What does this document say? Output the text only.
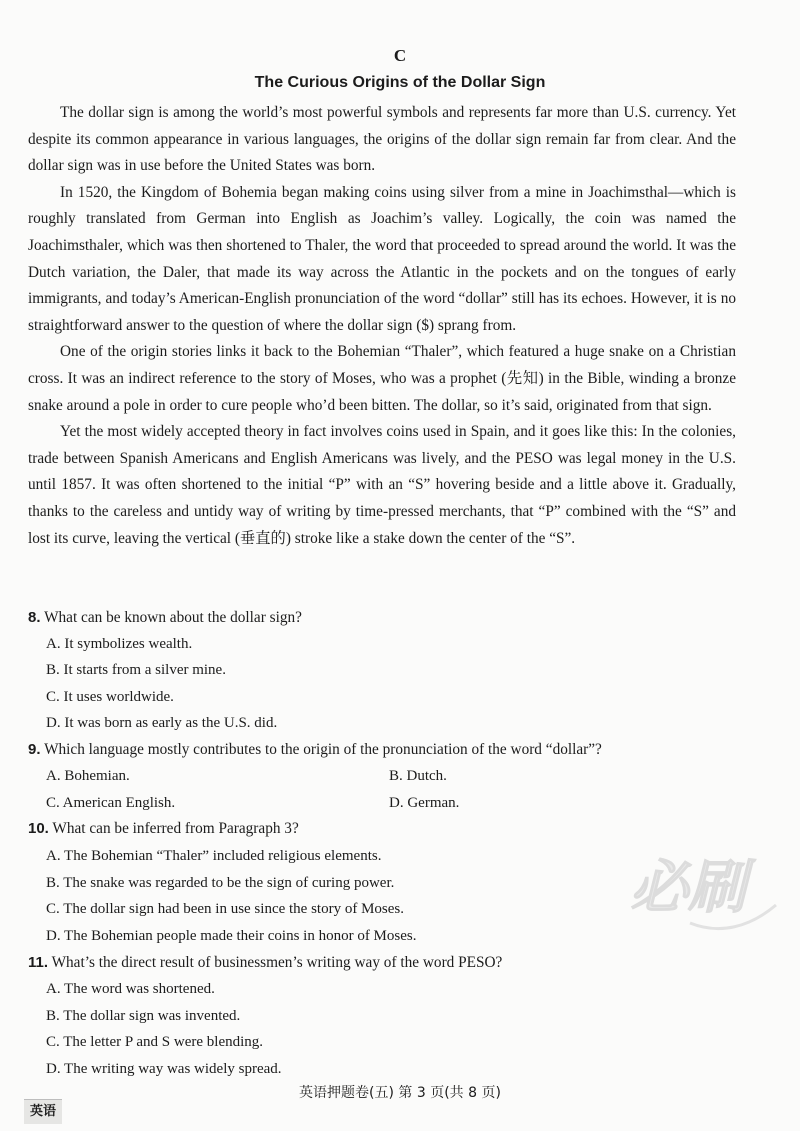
C
The Curious Origins of the Dollar Sign

The dollar sign is among the world’s most powerful symbols and represents far more than U.S. currency. Yet despite its common appearance in various languages, the origins of the dollar sign remain far from clear. And the dollar sign was in use before the United States was born.

In 1520, the Kingdom of Bohemia began making coins using silver from a mine in Joachimsthal—which is roughly translated from German into English as Joachim’s valley. Logically, the coin was named the Joachimsthaler, which was then shortened to Thaler, the word that proceeded to spread around the world. It was the Dutch variation, the Daler, that made its way across the Atlantic in the pockets and on the tongues of early immigrants, and today’s American-English pronunciation of the word “dollar” still has its echoes. However, it is no straightforward answer to the question of where the dollar sign ($) sprang from.

One of the origin stories links it back to the Bohemian “Thaler”, which featured a huge snake on a Christian cross. It was an indirect reference to the story of Moses, who was a prophet (先知) in the Bible, winding a bronze snake around a pole in order to cure people who’d been bitten. The dollar, so it’s said, originated from that sign.

Yet the most widely accepted theory in fact involves coins used in Spain, and it goes like this: In the colonies, trade between Spanish Americans and English Americans was lively, and the PESO was legal money in the U.S. until 1857. It was often shortened to the initial “P” with an “S” hovering beside and a little above it. Gradually, thanks to the careless and untidy way of writing by time-pressed merchants, that “P” combined with the “S” and lost its curve, leaving the vertical (垂直的) stroke like a stake down the center of the “S”.

8. What can be known about the dollar sign?
A. It symbolizes wealth.
B. It starts from a silver mine.
C. It uses worldwide.
D. It was born as early as the U.S. did.
9. Which language mostly contributes to the origin of the pronunciation of the word “dollar”?
A. Bohemian.	B. Dutch.
C. American English.	D. German.
10. What can be inferred from Paragraph 3?
A. The Bohemian “Thaler” included religious elements.
B. The snake was regarded to be the sign of curing power.
C. The dollar sign had been in use since the story of Moses.
D. The Bohemian people made their coins in honor of Moses.
11. What’s the direct result of businessmen’s writing way of the word PESO?
A. The word was shortened.
B. The dollar sign was invented.
C. The letter P and S were blending.
D. The writing way was widely spread.
必刷
英语押题卷(五) 第 3 页(共 8 页)
英语
